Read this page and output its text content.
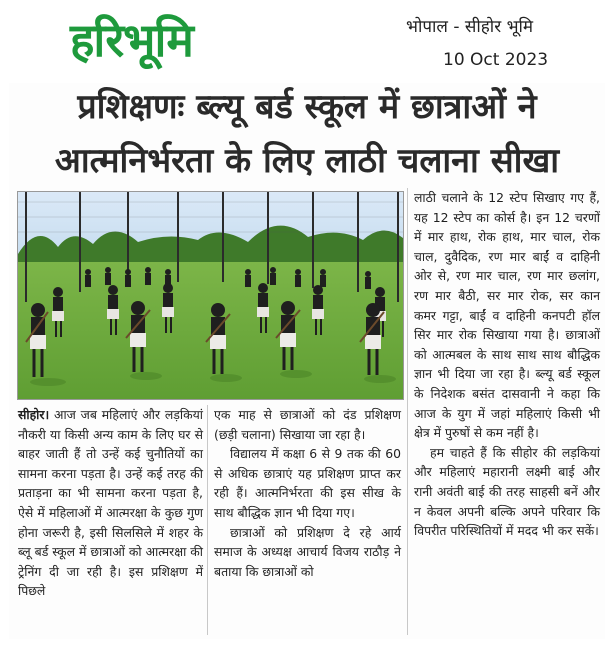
हरिभूमि	भोपाल - सीहोर भूमि
10 Oct 2023
प्रशिक्षणः ब्ल्यू बर्ड स्कूल में छात्राओं ने
आत्मनिर्भरता के लिए लाठी चलाना सीखा

लाठी चलाने के 12 स्टेप सिखाए गए हैं, यह 12 स्टेप का कोर्स है। इन 12 चरणों में मार हाथ, रोक हाथ, मार चाल, रोक चाल, दुवैदिक, रण मार बाईं व दाहिनी ओर से, रण मार चाल, रण मार छलांग, रण मार बैठी, सर मार रोक, सर कान कमर गट्टा, बाईं व दाहिनी कनपटी हॉल सिर मार रोक सिखाया गया है। छात्राओं को आत्मबल के साथ साथ साथ बौद्धिक ज्ञान भी दिया जा रहा है। ब्ल्यू बर्ड स्कूल के निदेशक बसंत दासवानी ने कहा कि आज के युग में जहां महिलाएं किसी भी क्षेत्र में पुरुषों से कम नहीं है।

हम चाहते हैं कि सीहोर की लड़कियां और महिलाएं महारानी लक्ष्मी बाई और रानी अवंती बाई की तरह साहसी बनें और न केवल अपनी बल्कि अपने परिवार कि विपरीत परिस्थितियों में मदद भी कर सकें।

सीहोर। आज जब महिलाएं और लड़कियां नौकरी या किसी अन्य काम के लिए घर से बाहर जाती हैं तो उन्हें कई चुनौतियों का सामना करना पड़ता है। उन्हें कई तरह की प्रताड़ना का भी सामना करना पड़ता है, ऐसे में महिलाओं में आत्मरक्षा के कुछ गुण होना जरूरी है, इसी सिलसिले में शहर के ब्लू बर्ड स्कूल में छात्राओं को आत्मरक्षा की ट्रेनिंग दी जा रही है। इस प्रशिक्षण में पिछले

एक माह से छात्राओं को दंड प्रशिक्षण (छड़ी चलाना) सिखाया जा रहा है।

विद्यालय में कक्षा 6 से 9 तक की 60 से अधिक छात्राएं यह प्रशिक्षण प्राप्त कर रही हैं। आत्मनिर्भरता की इस सीख के साथ बौद्धिक ज्ञान भी दिया गए।

छात्राओं को प्रशिक्षण दे रहे आर्य समाज के अध्यक्ष आचार्य विजय राठौड़ ने बताया कि छात्राओं को
